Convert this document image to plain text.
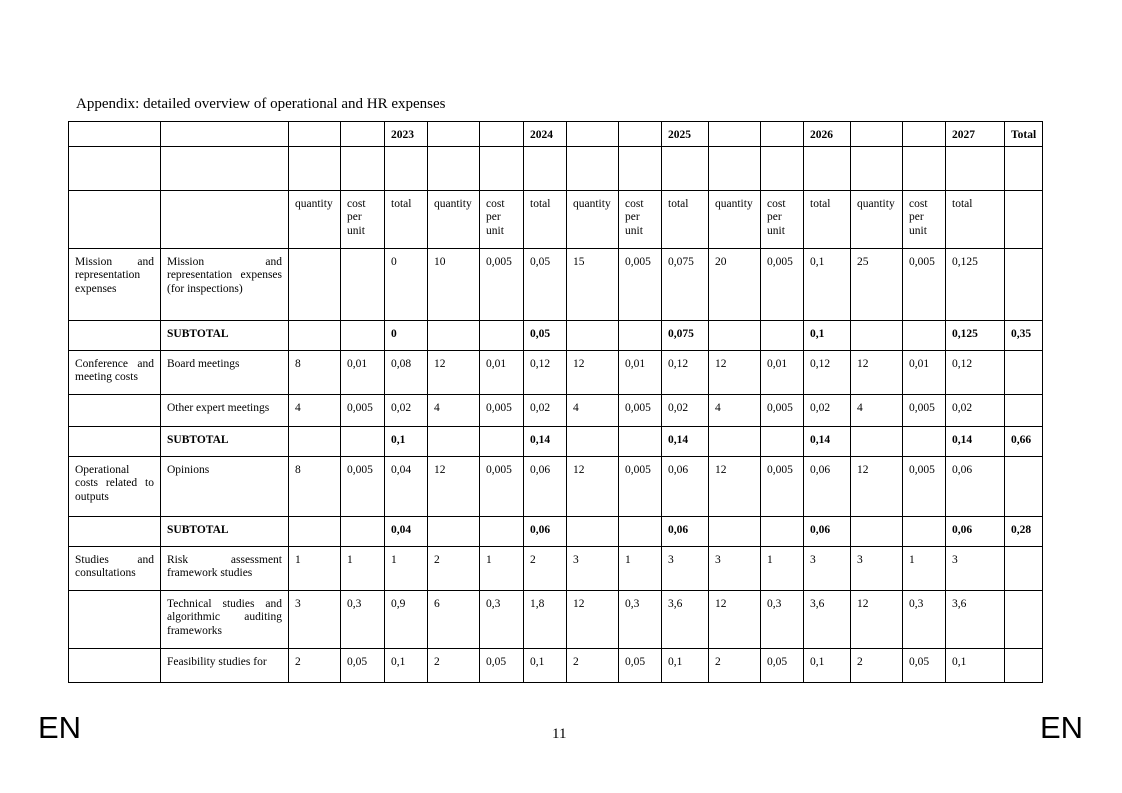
Appendix: detailed overview of operational and HR expenses
				2023			2024			2025			2026			2027	Total

		quantity	cost per unit	total	quantity	cost per unit	total	quantity	cost per unit	total	quantity	cost per unit	total	quantity	cost per unit	total	
Mission and representation expenses	Mission and representation expenses (for inspections)			0	10	0,005	0,05	15	0,005	0,075	20	0,005	0,1	25	0,005	0,125	
	SUBTOTAL			0			0,05			0,075			0,1			0,125	0,35
Conference and meeting costs	Board meetings	8	0,01	0,08	12	0,01	0,12	12	0,01	0,12	12	0,01	0,12	12	0,01	0,12	
	Other expert meetings	4	0,005	0,02	4	0,005	0,02	4	0,005	0,02	4	0,005	0,02	4	0,005	0,02	
	SUBTOTAL			0,1			0,14			0,14			0,14			0,14	0,66
Operational costs related to outputs	Opinions	8	0,005	0,04	12	0,005	0,06	12	0,005	0,06	12	0,005	0,06	12	0,005	0,06	
	SUBTOTAL			0,04			0,06			0,06			0,06			0,06	0,28
Studies and consultations	Risk assessment framework studies	1	1	1	2	1	2	3	1	3	3	1	3	3	1	3	
	Technical studies and algorithmic auditing frameworks	3	0,3	0,9	6	0,3	1,8	12	0,3	3,6	12	0,3	3,6	12	0,3	3,6	
	Feasibility studies for	2	0,05	0,1	2	0,05	0,1	2	0,05	0,1	2	0,05	0,1	2	0,05	0,1	
EN	11	EN
